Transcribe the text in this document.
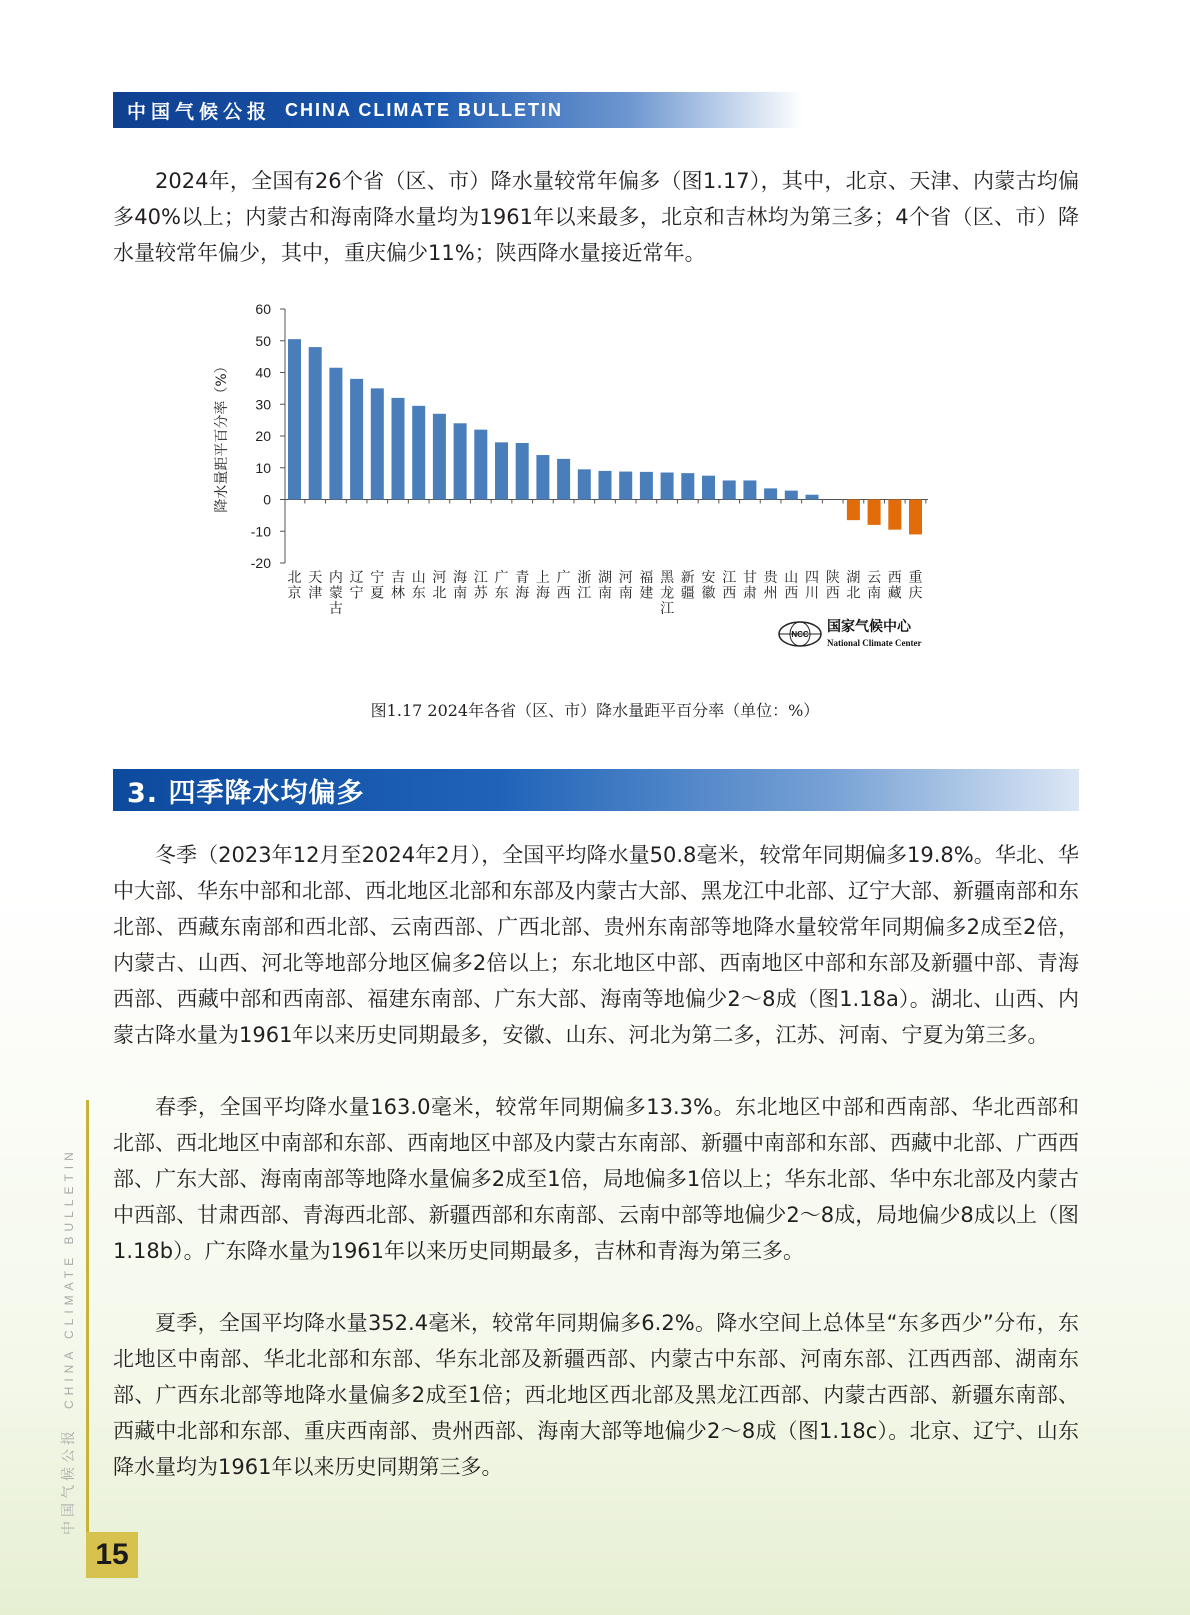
中国气候公报 CHINA CLIMATE BULLETIN

2024年，全国有26个省（区、市）降水量较常年偏多（图1.17），其中，北京、天津、内蒙古均偏多40%以上；内蒙古和海南降水量均为1961年以来最多，北京和吉林均为第三多；4个省（区、市）降水量较常年偏少，其中，重庆偏少11%；陕西降水量接近常年。

60
50
40
30
20
10
0
-10
-20
降水量距平百分率（%）
北京
天津
内蒙古
辽宁
宁夏
吉林
山东
河北
海南
江苏
广东
青海
上海
广西
浙江
湖南
河南
福建
黑龙江
新疆
安徽
江西
甘肃
贵州
山西
四川
陕西
湖北
云南
西藏
重庆
NCC 国家气候中心
National Climate Center
图1.17 2024年各省（区、市）降水量距平百分率（单位：%）
3. 四季降水均偏多

冬季（2023年12月至2024年2月），全国平均降水量50.8毫米，较常年同期偏多19.8%。华北、华中大部、华东中部和北部、西北地区北部和东部及内蒙古大部、黑龙江中北部、辽宁大部、新疆南部和东北部、西藏东南部和西北部、云南西部、广西北部、贵州东南部等地降水量较常年同期偏多2成至2倍，内蒙古、山西、河北等地部分地区偏多2倍以上；东北地区中部、西南地区中部和东部及新疆中部、青海西部、西藏中部和西南部、福建东南部、广东大部、海南等地偏少2～8成（图1.18a）。湖北、山西、内蒙古降水量为1961年以来历史同期最多，安徽、山东、河北为第二多，江苏、河南、宁夏为第三多。

春季，全国平均降水量163.0毫米，较常年同期偏多13.3%。东北地区中部和西南部、华北西部和北部、西北地区中南部和东部、西南地区中部及内蒙古东南部、新疆中南部和东部、西藏中北部、广西西部、广东大部、海南南部等地降水量偏多2成至1倍，局地偏多1倍以上；华东北部、华中东北部及内蒙古中西部、甘肃西部、青海西北部、新疆西部和东南部、云南中部等地偏少2～8成，局地偏少8成以上（图1.18b）。广东降水量为1961年以来历史同期最多，吉林和青海为第三多。

夏季，全国平均降水量352.4毫米，较常年同期偏多6.2%。降水空间上总体呈“东多西少”分布，东北地区中南部、华北北部和东部、华东北部及新疆西部、内蒙古中东部、河南东部、江西西部、湖南东部、广西东北部等地降水量偏多2成至1倍；西北地区西北部及黑龙江西部、内蒙古西部、新疆东南部、西藏中北部和东部、重庆西南部、贵州西部、海南大部等地偏少2～8成（图1.18c）。北京、辽宁、山东降水量均为1961年以来历史同期第三多。

中国气候公报CHINA CLIMATE BULLETIN
15
